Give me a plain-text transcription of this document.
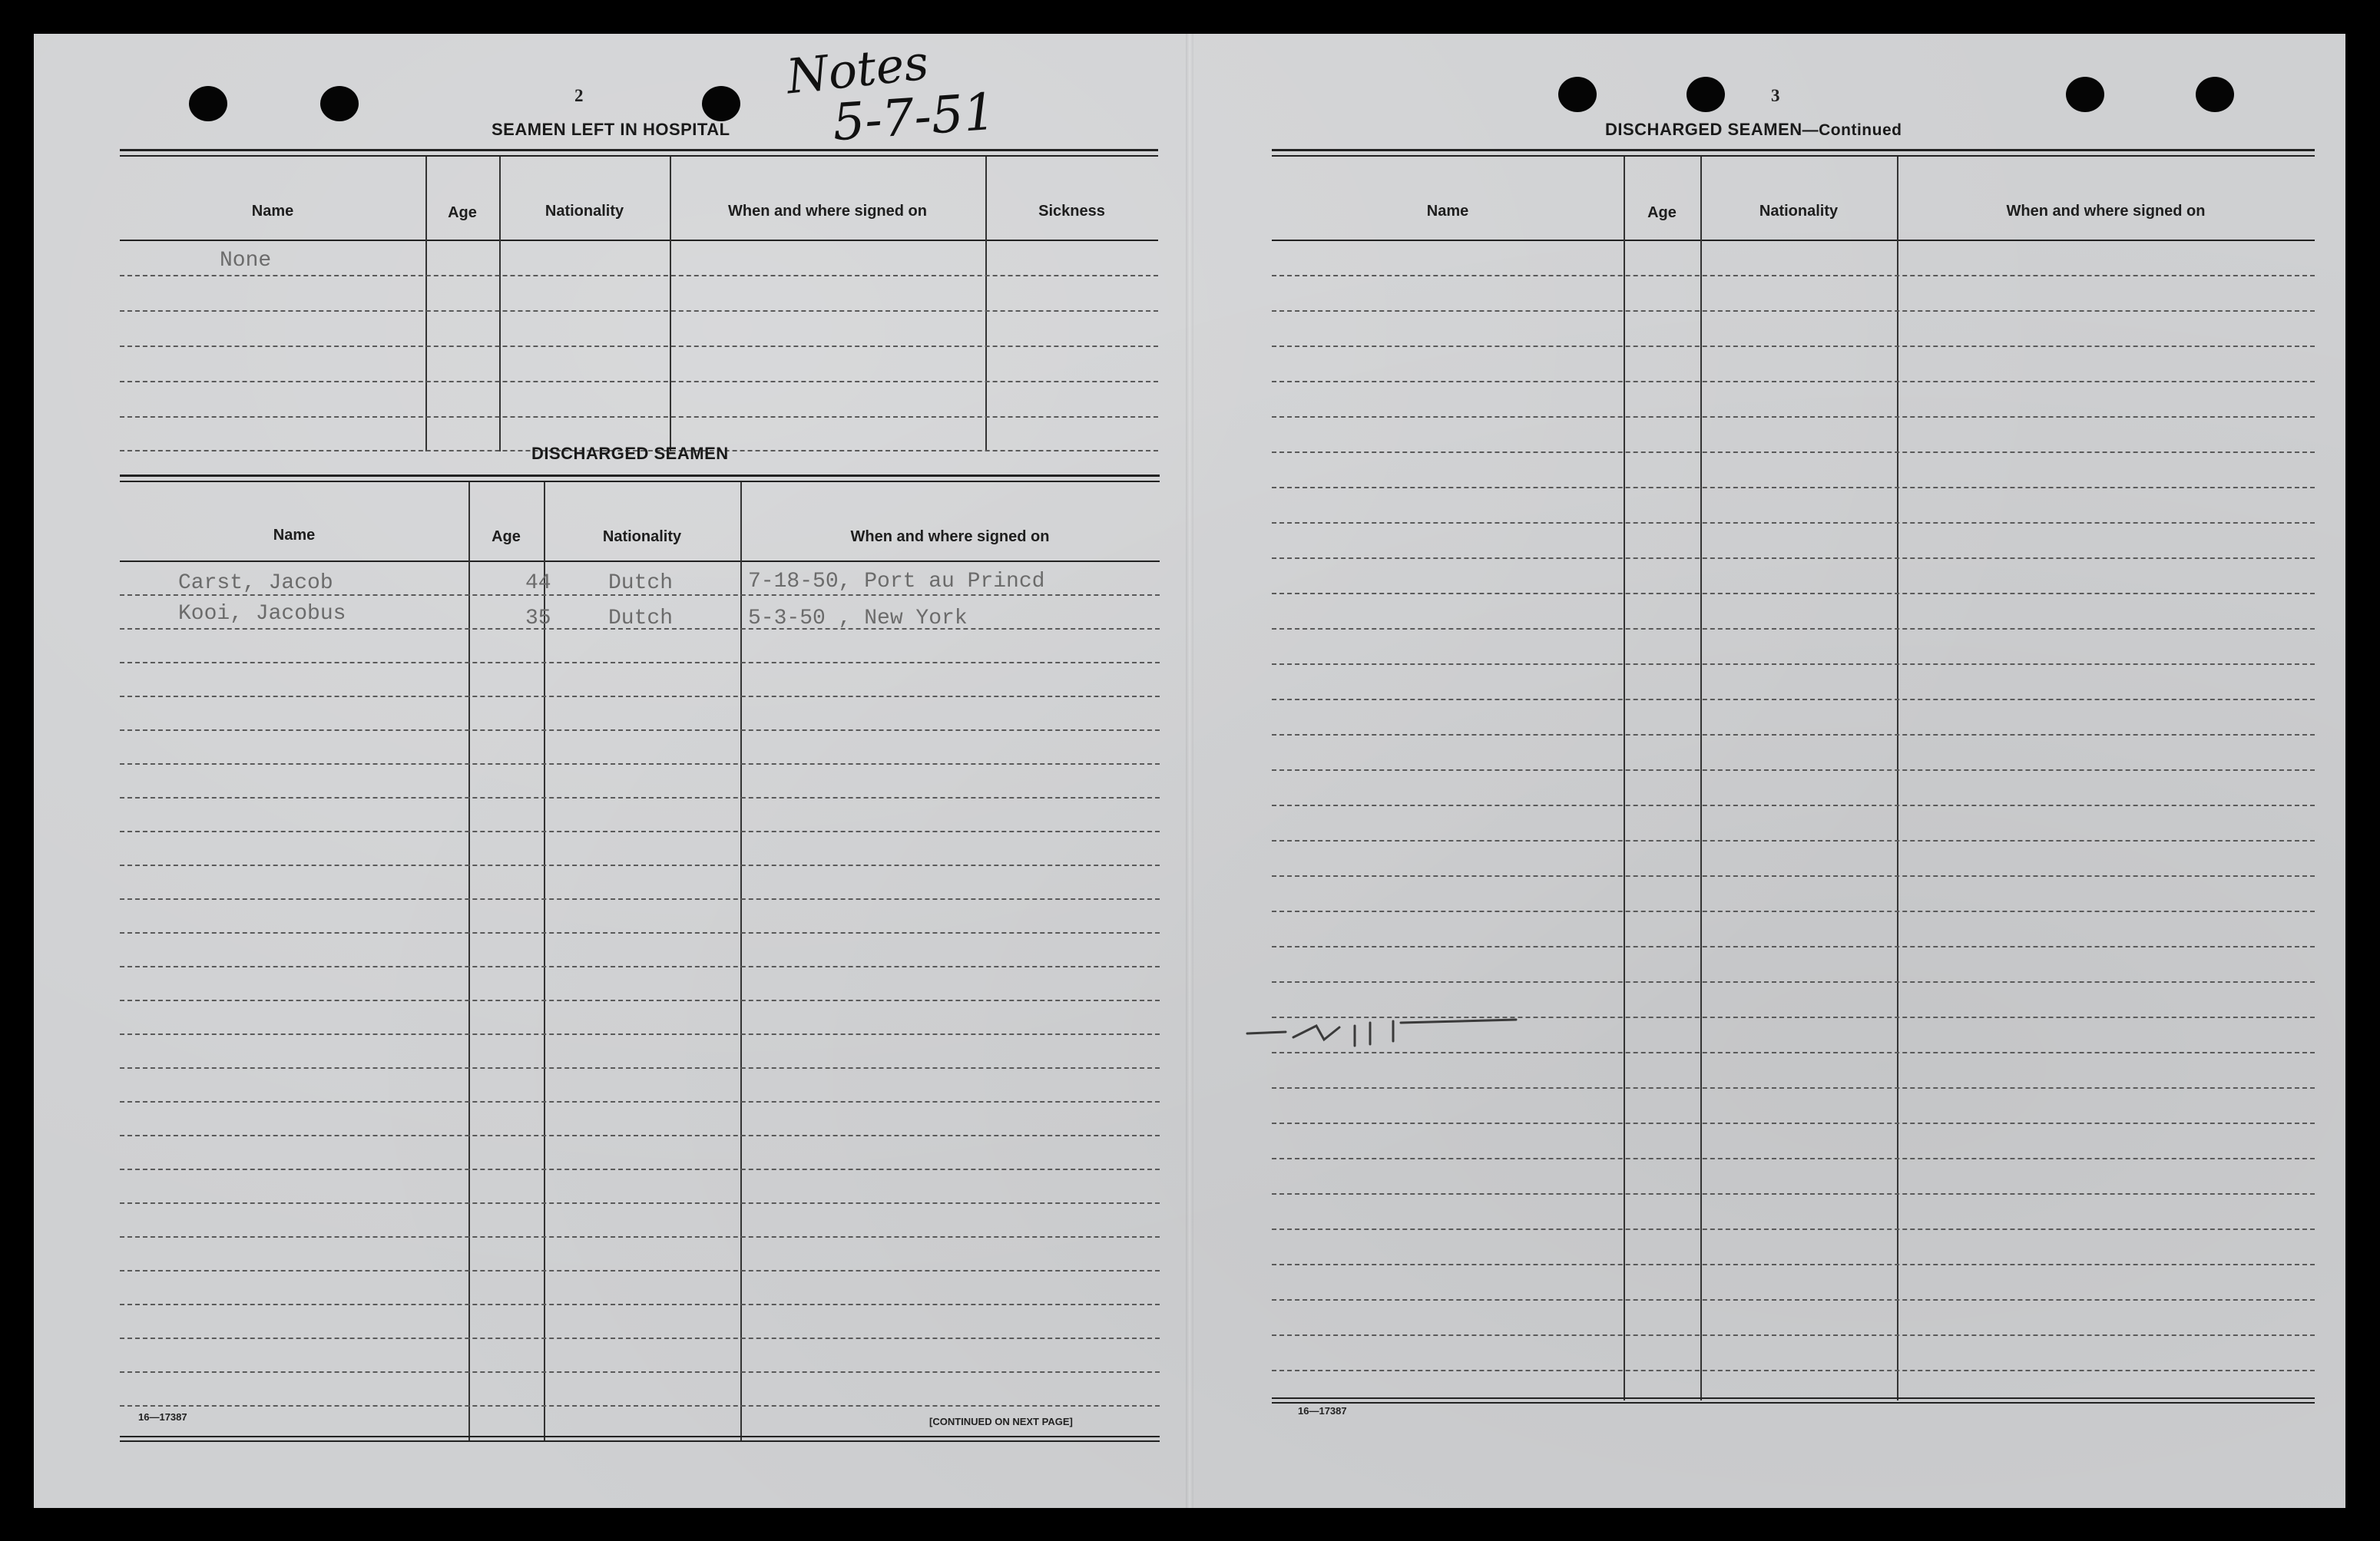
2	Notes
5-7-51
SEAMEN LEFT IN HOSPITAL
Name	Age	Nationality	When and where signed on	Sickness
None
DISCHARGED SEAMEN
Name	Age	Nationality	When and where signed on
Carst, Jacob	44	Dutch	7-18-50, Port au Princd
Kooi, Jacobus	35	Dutch	5-3-50 , New York
16—17387	[CONTINUED ON NEXT PAGE]
3
DISCHARGED SEAMEN—Continued
Name	Age	Nationality	When and where signed on
16—17387
